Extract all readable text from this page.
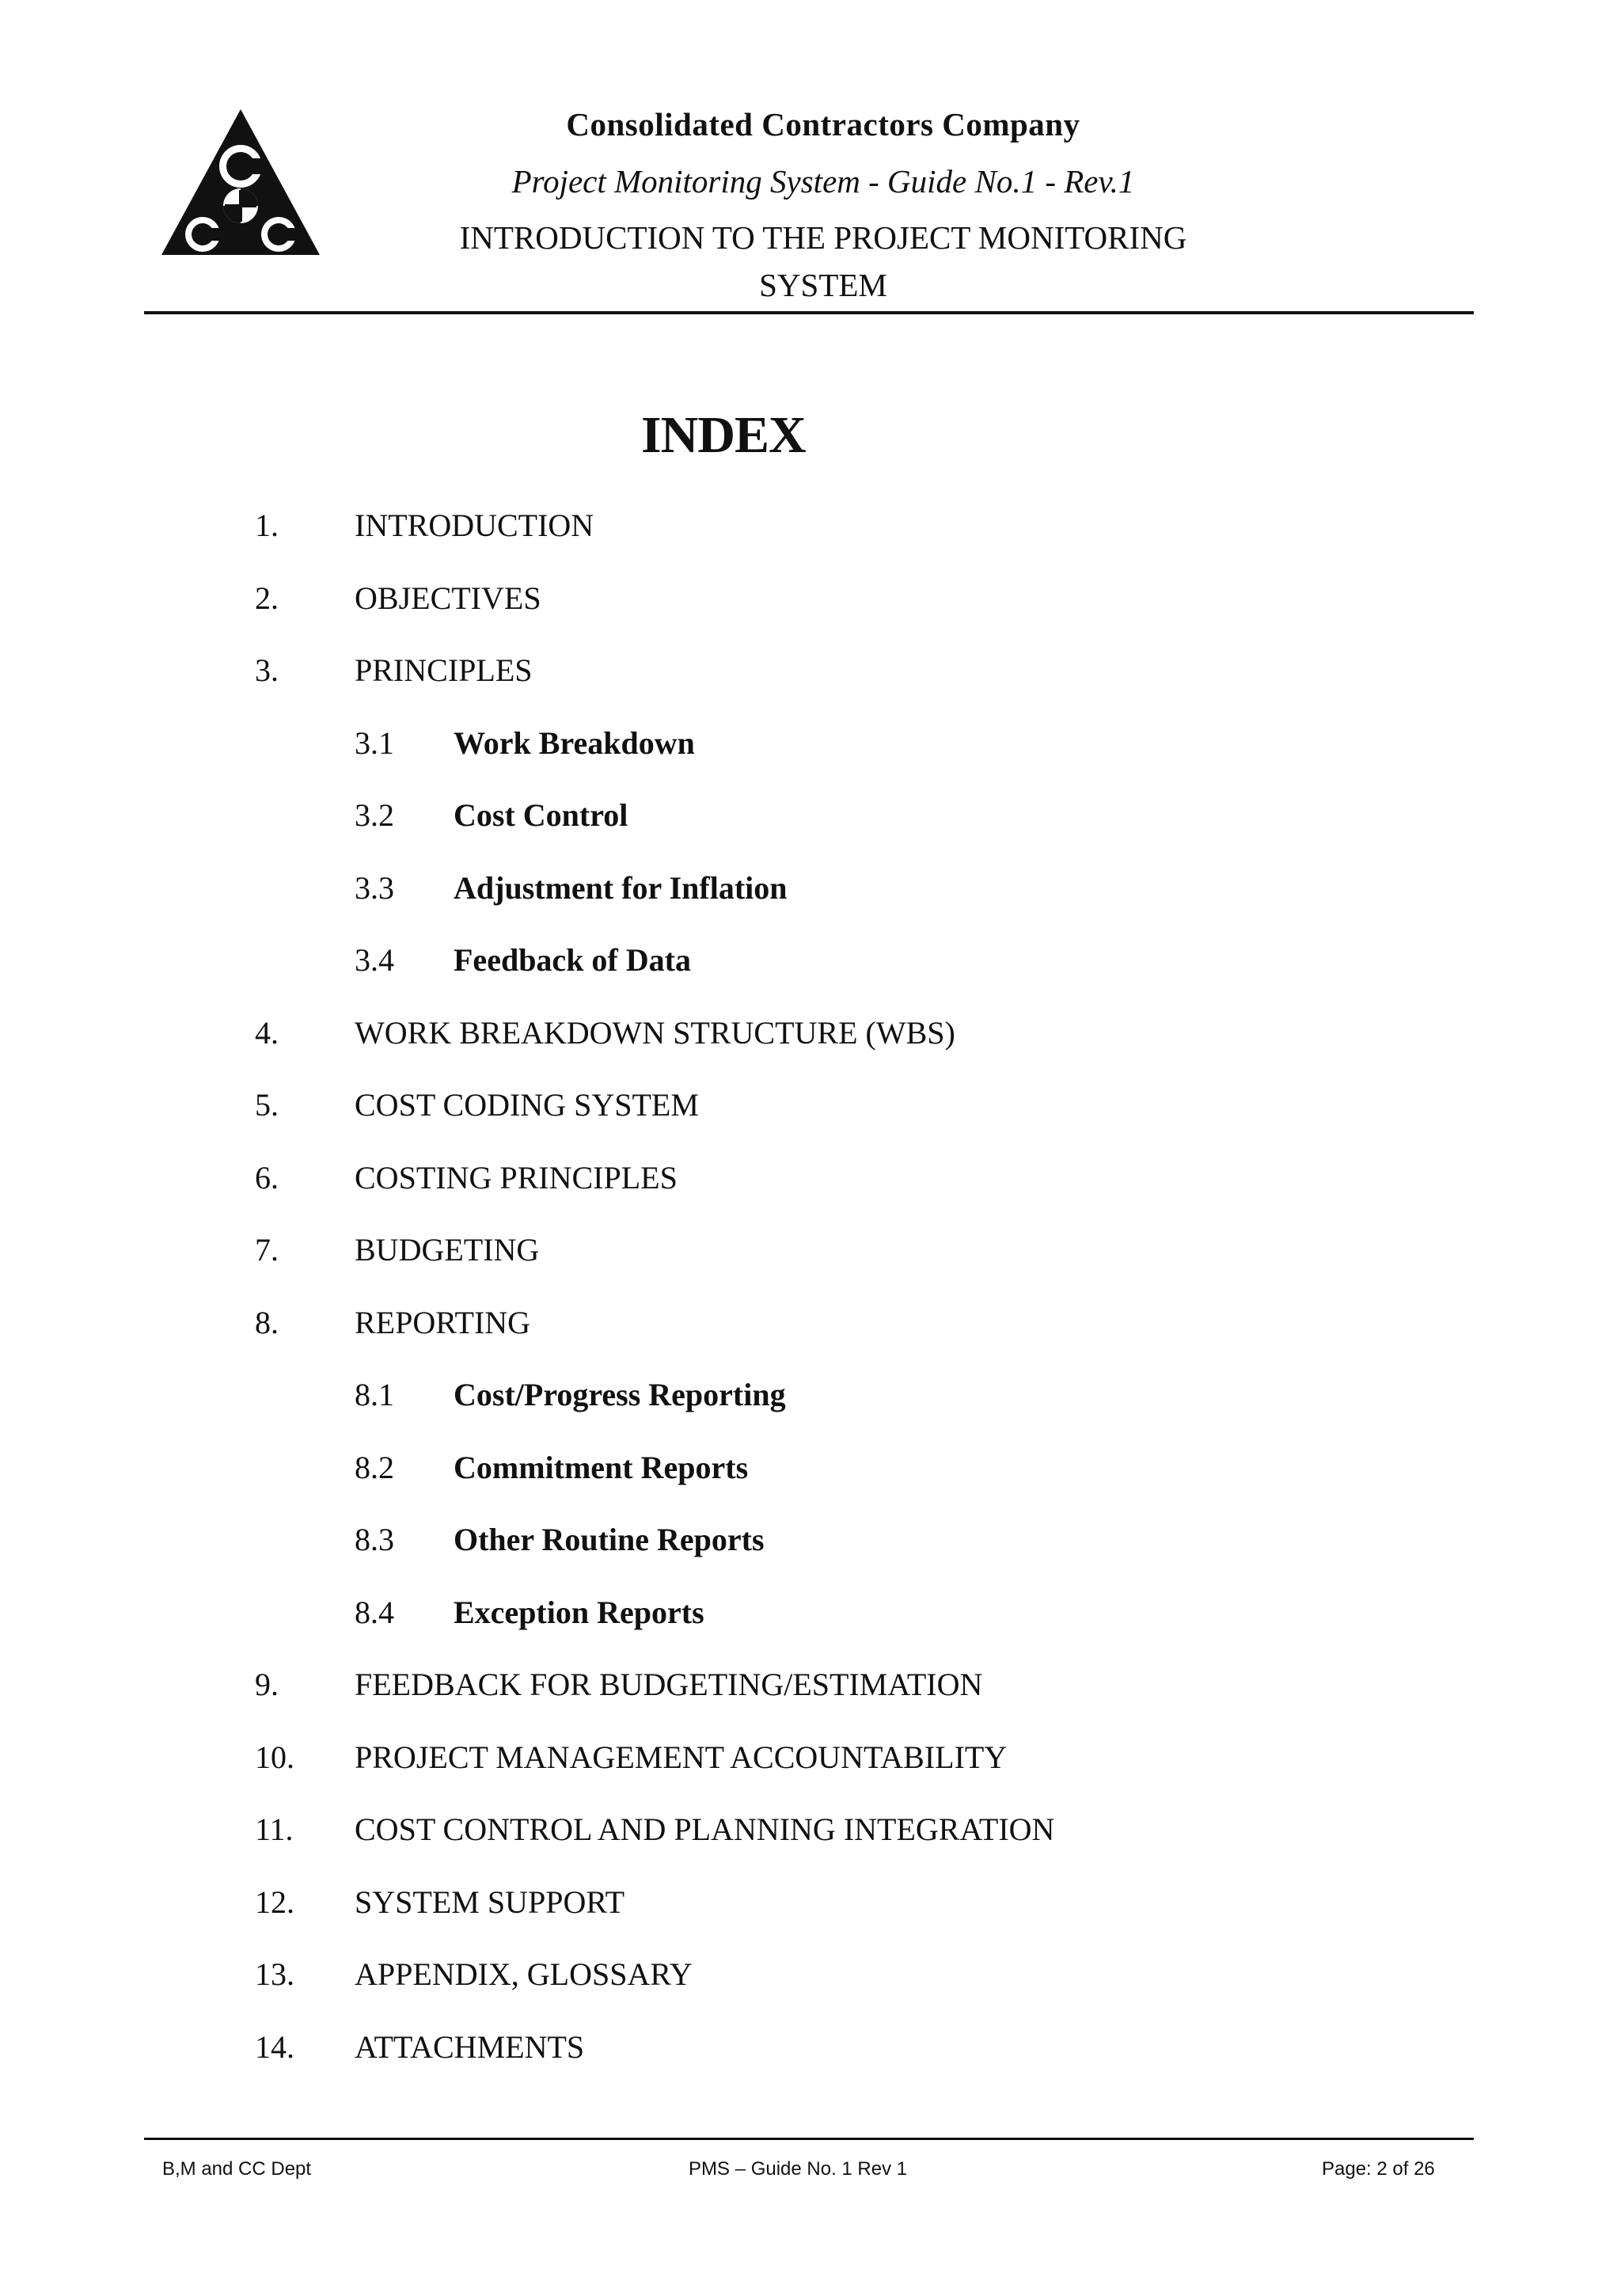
Consolidated Contractors Company
Project Monitoring System - Guide No.1 - Rev.1
INTRODUCTION TO THE PROJECT MONITORING
SYSTEM
INDEX
1. INTRODUCTION
2. OBJECTIVES
3. PRINCIPLES
3.1 Work Breakdown
3.2 Cost Control
3.3 Adjustment for Inflation
3.4 Feedback of Data
4. WORK BREAKDOWN STRUCTURE (WBS)
5. COST CODING SYSTEM
6. COSTING PRINCIPLES
7. BUDGETING
8. REPORTING
8.1 Cost/Progress Reporting
8.2 Commitment Reports
8.3 Other Routine Reports
8.4 Exception Reports
9. FEEDBACK FOR BUDGETING/ESTIMATION
10. PROJECT MANAGEMENT ACCOUNTABILITY
11. COST CONTROL AND PLANNING INTEGRATION
12. SYSTEM SUPPORT
13. APPENDIX, GLOSSARY
14. ATTACHMENTS
B,M and CC Dept	PMS – Guide No. 1 Rev 1	Page: 2 of 26
